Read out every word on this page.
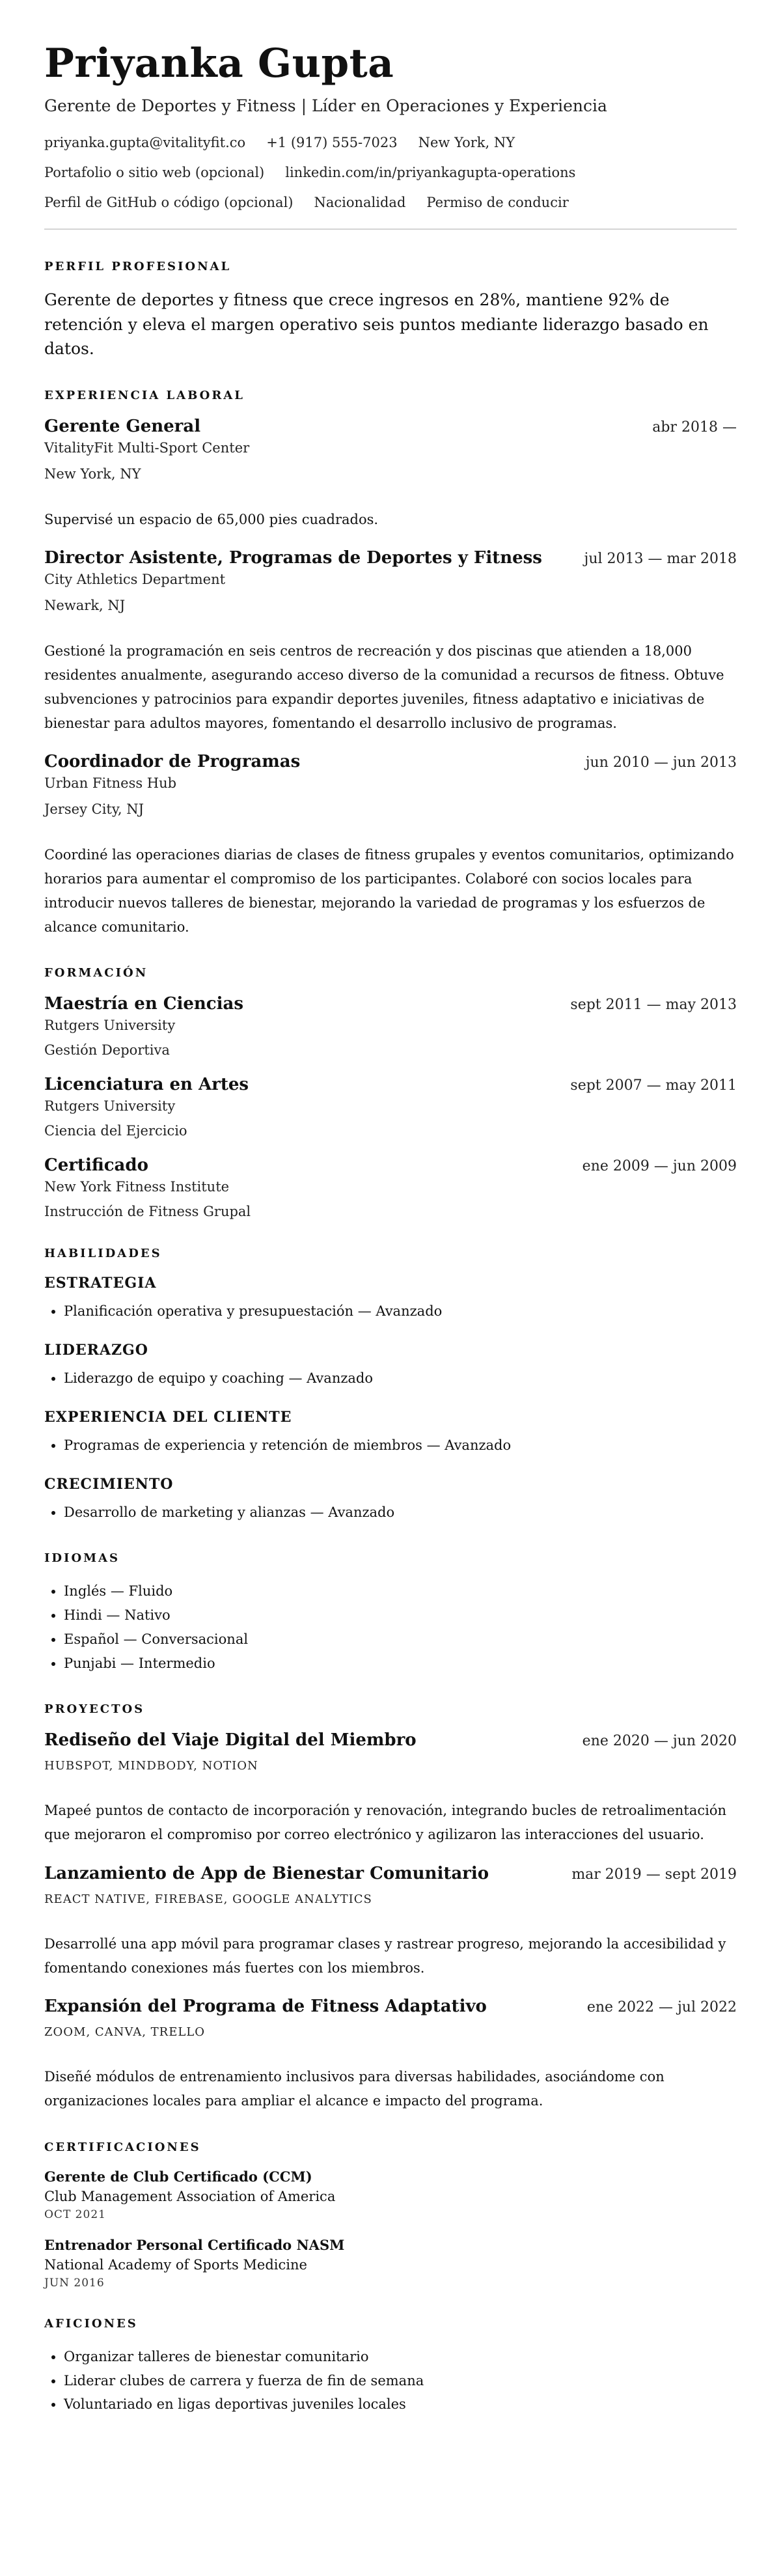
Priyanka Gupta
Gerente de Deportes y Fitness | Líder en Operaciones y Experiencia
priyanka.gupta@vitalityfit.co +1 (917) 555-7023 New York, NY
Portafolio o sitio web (opcional) linkedin.com/in/priyankagupta-operations
Perfil de GitHub o código (opcional) Nacionalidad Permiso de conducir
PERFIL PROFESIONAL

Gerente de deportes y fitness que crece ingresos en 28%, mantiene 92% de retención y eleva el margen operativo seis puntos mediante liderazgo basado en datos.

EXPERIENCIA LABORAL
Gerente General	abr 2018 —
VitalityFit Multi-Sport Center
New York, NY

Supervisé un espacio de 65,000 pies cuadrados.

Director Asistente, Programas de Deportes y Fitness	jul 2013 — mar 2018
City Athletics Department
Newark, NJ

Gestioné la programación en seis centros de recreación y dos piscinas que atienden a 18,000 residentes anualmente, asegurando acceso diverso de la comunidad a recursos de fitness. Obtuve subvenciones y patrocinios para expandir deportes juveniles, fitness adaptativo e iniciativas de bienestar para adultos mayores, fomentando el desarrollo inclusivo de programas.

Coordinador de Programas	jun 2010 — jun 2013
Urban Fitness Hub
Jersey City, NJ

Coordiné las operaciones diarias de clases de fitness grupales y eventos comunitarios, optimizando horarios para aumentar el compromiso de los participantes. Colaboré con socios locales para introducir nuevos talleres de bienestar, mejorando la variedad de programas y los esfuerzos de alcance comunitario.

FORMACIÓN
Maestría en Ciencias	sept 2011 — may 2013
Rutgers University
Gestión Deportiva
Licenciatura en Artes	sept 2007 — may 2011
Rutgers University
Ciencia del Ejercicio
Certificado	ene 2009 — jun 2009
New York Fitness Institute
Instrucción de Fitness Grupal
HABILIDADES
ESTRATEGIA
• Planificación operativa y presupuestación — Avanzado
LIDERAZGO
• Liderazgo de equipo y coaching — Avanzado
EXPERIENCIA DEL CLIENTE
• Programas de experiencia y retención de miembros — Avanzado
CRECIMIENTO
• Desarrollo de marketing y alianzas — Avanzado
IDIOMAS
• Inglés — Fluido
• Hindi — Nativo
• Español — Conversacional
• Punjabi — Intermedio
PROYECTOS
Rediseño del Viaje Digital del Miembro	ene 2020 — jun 2020
HUBSPOT, MINDBODY, NOTION

Mapeé puntos de contacto de incorporación y renovación, integrando bucles de retroalimentación que mejoraron el compromiso por correo electrónico y agilizaron las interacciones del usuario.

Lanzamiento de App de Bienestar Comunitario	mar 2019 — sept 2019
REACT NATIVE, FIREBASE, GOOGLE ANALYTICS

Desarrollé una app móvil para programar clases y rastrear progreso, mejorando la accesibilidad y fomentando conexiones más fuertes con los miembros.

Expansión del Programa de Fitness Adaptativo	ene 2022 — jul 2022
ZOOM, CANVA, TRELLO

Diseñé módulos de entrenamiento inclusivos para diversas habilidades, asociándome con organizaciones locales para ampliar el alcance e impacto del programa.

CERTIFICACIONES
Gerente de Club Certificado (CCM)
Club Management Association of America
OCT 2021
Entrenador Personal Certificado NASM
National Academy of Sports Medicine
JUN 2016
AFICIONES
• Organizar talleres de bienestar comunitario
• Liderar clubes de carrera y fuerza de fin de semana
• Voluntariado en ligas deportivas juveniles locales
